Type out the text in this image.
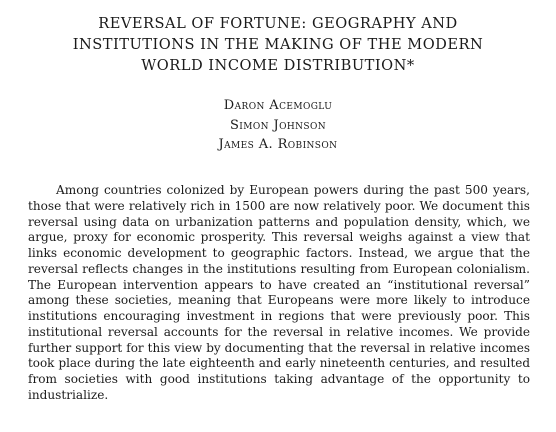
REVERSAL OF FORTUNE: GEOGRAPHY AND
INSTITUTIONS IN THE MAKING OF THE MODERN
WORLD INCOME DISTRIBUTION*
Daron Acemoglu
Simon Johnson
James A. Robinson
Among countries colonized by European powers during the past 500 years,
those that were relatively rich in 1500 are now relatively poor. We document this
reversal using data on urbanization patterns and population density, which, we
argue, proxy for economic prosperity. This reversal weighs against a view that
links economic development to geographic factors. Instead, we argue that the
reversal reflects changes in the institutions resulting from European colonialism.
The European intervention appears to have created an “institutional reversal”
among these societies, meaning that Europeans were more likely to introduce
institutions encouraging investment in regions that were previously poor. This
institutional reversal accounts for the reversal in relative incomes. We provide
further support for this view by documenting that the reversal in relative incomes
took place during the late eighteenth and early nineteenth centuries, and resulted
from societies with good institutions taking advantage of the opportunity to
industrialize.
